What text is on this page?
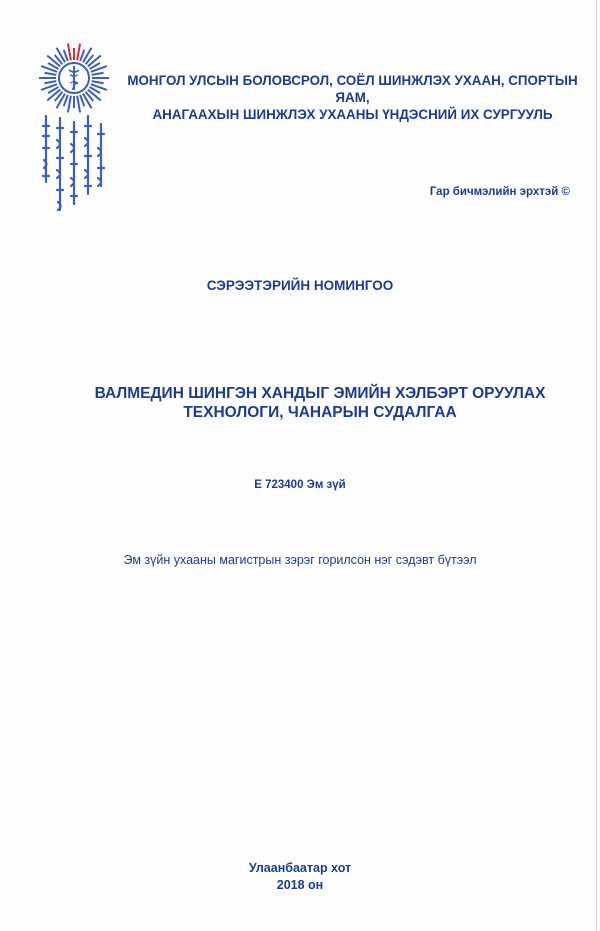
МОНГОЛ УЛСЫН БОЛОВСРОЛ, СОЁЛ ШИНЖЛЭХ УХААН, СПОРТЫН ЯАМ,
АНАГААХЫН ШИНЖЛЭХ УХААНЫ ҮНДЭСНИЙ ИХ СУРГУУЛЬ
Гар бичмэлийн эрхтэй ©
СЭРЭЭТЭРИЙН НОМИНГОО
ВАЛМЕДИН ШИНГЭН ХАНДЫГ ЭМИЙН ХЭЛБЭРТ ОРУУЛАХ
ТЕХНОЛОГИ, ЧАНАРЫН СУДАЛГАА
E 723400 Эм зүй
Эм зүйн ухааны магистрын зэрэг горилсон нэг сэдэвт бүтээл
Улаанбаатар хот
2018 он
